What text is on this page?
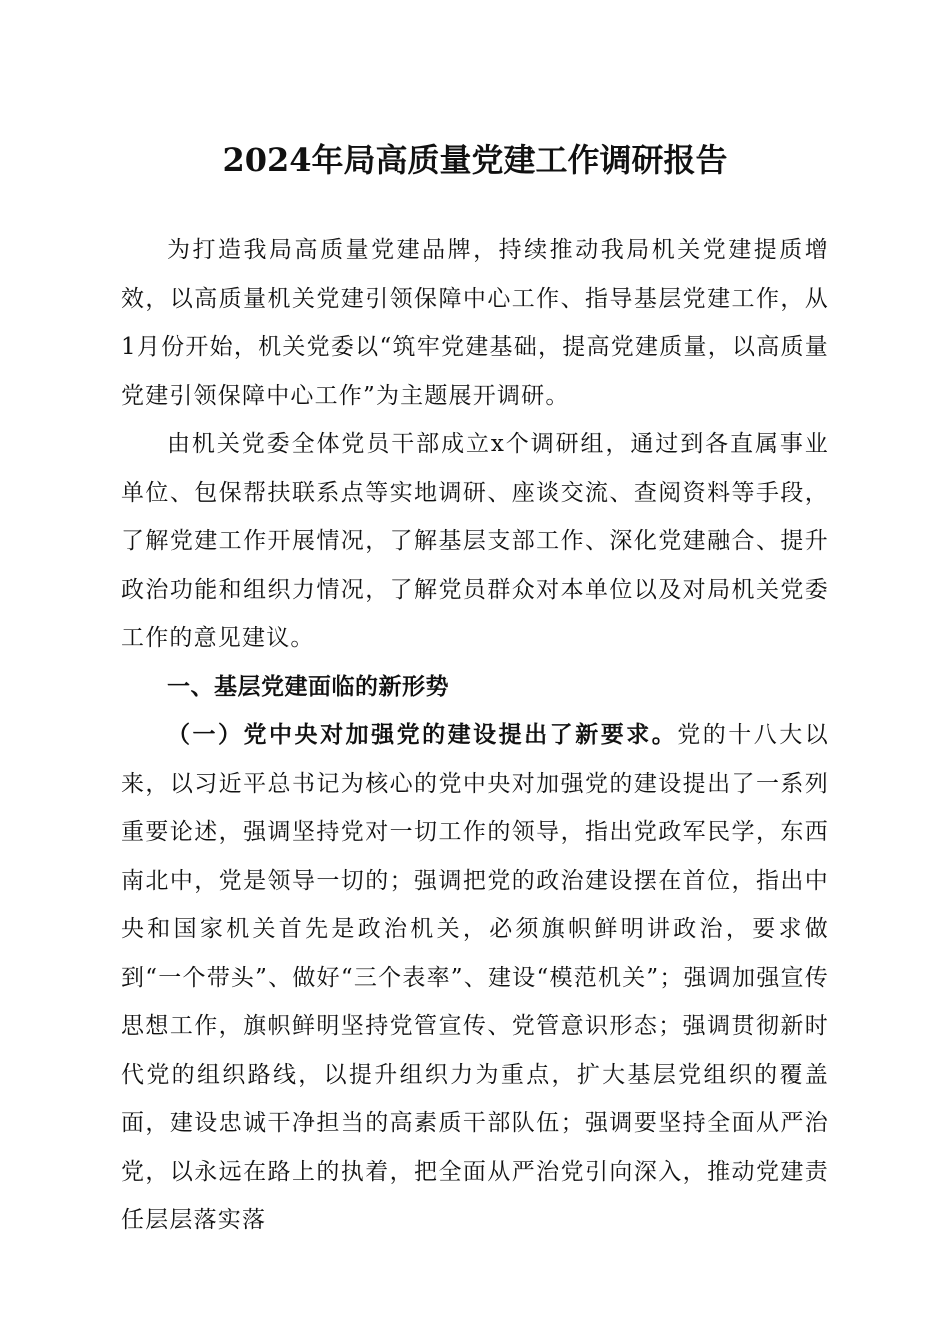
2024年局高质量党建工作调研报告

为打造我局高质量党建品牌，持续推动我局机关党建提质增效，以高质量机关党建引领保障中心工作、指导基层党建工作，从1月份开始，机关党委以“筑牢党建基础，提高党建质量，以高质量党建引领保障中心工作”为主题展开调研。

由机关党委全体党员干部成立x个调研组，通过到各直属事业单位、包保帮扶联系点等实地调研、座谈交流、查阅资料等手段，了解党建工作开展情况，了解基层支部工作、深化党建融合、提升政治功能和组织力情况，了解党员群众对本单位以及对局机关党委工作的意见建议。

一、基层党建面临的新形势

（一）党中央对加强党的建设提出了新要求。党的十八大以来，以习近平总书记为核心的党中央对加强党的建设提出了一系列重要论述，强调坚持党对一切工作的领导，指出党政军民学，东西南北中，党是领导一切的；强调把党的政治建设摆在首位，指出中央和国家机关首先是政治机关，必须旗帜鲜明讲政治，要求做到“一个带头”、做好“三个表率”、建设“模范机关”；强调加强宣传思想工作，旗帜鲜明坚持党管宣传、党管意识形态；强调贯彻新时代党的组织路线，以提升组织力为重点，扩大基层党组织的覆盖面，建设忠诚干净担当的高素质干部队伍；强调要坚持全面从严治党，以永远在路上的执着，把全面从严治党引向深入，推动党建责任层层落实落
